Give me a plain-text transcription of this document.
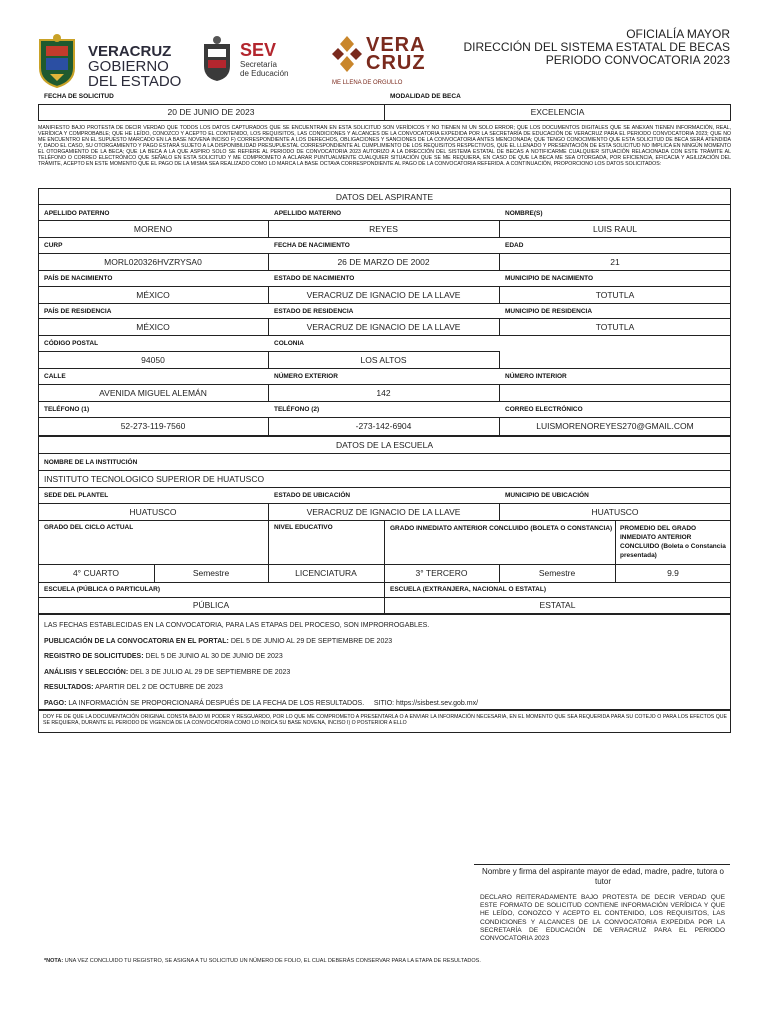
VERACRUZ
GOBIERNO
DEL ESTADO
SEV
Secretaría
de Educación
VERA
CRUZ
ME LLENA DE ORGULLO
OFICIALÍA MAYOR
DIRECCIÓN DEL SISTEMA ESTATAL DE BECAS
PERIODO CONVOCATORIA 2023
FECHA DE SOLICITUD	MODALIDAD DE BECA
20 DE JUNIO DE 2023	EXCELENCIA
MANIFIESTO BAJO PROTESTA DE DECIR VERDAD QUE TODOS LOS DATOS CAPTURADOS QUE SE ENCUENTRAN EN ESTA SOLICITUD SON VERÍDICOS Y NO TIENEN NI UN SOLO ERROR; QUE LOS DOCUMENTOS DIGITALES QUE SE ANEXAN TIENEN INFORMACIÓN, REAL, VERÍDICA Y COMPROBABLE; QUE HE LEÍDO, CONOZCO Y ACEPTO EL CONTENIDO, LOS REQUISITOS, LAS CONDICIONES Y ALCANCES DE LA CONVOCATORIA EXPEDIDA POR LA SECRETARÍA DE EDUCACIÓN DE VERACRUZ PARA EL PERIODO CONVOCATORIA 2023; QUE NO ME ENCUENTRO EN EL SUPUESTO MARCADO EN LA BASE NOVENA INCISO F) CORRESPONDIENTE A LOS DERECHOS, OBLIGACIONES Y SANCIONES DE LA CONVOCATORIA ANTES MENCIONADA; QUE TENGO CONOCIMIENTO QUE ESTA SOLICITUD DE BECA SERÁ ATENDIDA Y, DADO EL CASO, SU OTORGAMIENTO Y PAGO ESTARÁ SUJETO A LA DISPONIBILIDAD PRESUPUESTAL CORRESPONDIENTE AL CUMPLIMIENTO DE LOS REQUISITOS RESPECTIVOS, QUE EL LLENADO Y PRESENTACIÓN DE ESTA SOLICITUD NO IMPLICA EN NINGÚN MOMENTO EL OTORGAMIENTO DE LA BECA; QUE LA BECA A LA QUE ASPIRO SOLO SE REFIERE AL PERIODO DE CONVOCATORIA 2023 AUTORIZO A LA DIRECCIÓN DEL SISTEMA ESTATAL DE BECAS A NOTIFICARME CUALQUIER SITUACIÓN RELACIONADA CON ESTE TRÁMITE AL TELÉFONO O CORREO ELECTRÓNICO QUE SEÑALO EN ESTA SOLICITUD Y ME COMPROMETO A ACLARAR PUNTUALMENTE CUALQUIER SITUACIÓN QUE SE ME REQUIERA, EN CASO DE QUE LA BECA ME SEA OTORGADA, POR EFICIENCIA, EFICACIA Y AGILIZACIÓN DEL TRÁMITE, ACEPTO EN ESTE MOMENTO QUE EL PAGO DE LA MISMA SEA REALIZADO COMO LO MARCA LA BASE OCTAVA CORRESPONDIENTE AL PAGO DE LA CONVOCATORIA REFERIDA. A CONTINUACIÓN, PROPORCIONO LOS DATOS SOLICITADOS:
DATOS DEL ASPIRANTE
APELLIDO PATERNO	APELLIDO MATERNO	NOMBRE(S)
MORENO	REYES	LUIS RAUL
CURP	FECHA DE NACIMIENTO	EDAD
MORL020326HVZRYSA0	26 DE MARZO DE 2002	21
PAÍS DE NACIMIENTO	ESTADO DE NACIMIENTO	MUNICIPIO DE NACIMIENTO
MÉXICO	VERACRUZ DE IGNACIO DE LA LLAVE	TOTUTLA
PAÍS DE RESIDENCIA	ESTADO DE RESIDENCIA	MUNICIPIO DE RESIDENCIA
MÉXICO	VERACRUZ DE IGNACIO DE LA LLAVE	TOTUTLA
CÓDIGO POSTAL	COLONIA
94050	LOS ALTOS
CALLE	NÚMERO EXTERIOR	NÚMERO INTERIOR
AVENIDA MIGUEL ALEMÁN	142
TELÉFONO (1)	TELÉFONO (2)	CORREO ELECTRÓNICO
52-273-119-7560	-273-142-6904	LUISMORENOREYES270@GMAIL.COM
DATOS DE LA ESCUELA
NOMBRE DE LA INSTITUCIÓN
INSTITUTO TECNOLOGICO SUPERIOR DE HUATUSCO
SEDE DEL PLANTEL	ESTADO DE UBICACIÓN	MUNICIPIO DE UBICACIÓN
HUATUSCO	VERACRUZ DE IGNACIO DE LA LLAVE	HUATUSCO
GRADO DEL CICLO ACTUAL	NIVEL EDUCATIVO	GRADO INMEDIATO ANTERIOR CONCLUIDO (BOLETA O CONSTANCIA)	PROMEDIO DEL GRADO INMEDIATO ANTERIOR CONCLUIDO (Boleta o Constancia presentada)
4° CUARTO	Semestre	LICENCIATURA	3° TERCERO	Semestre	9.9
ESCUELA (PÚBLICA O PARTICULAR)	ESCUELA (EXTRANJERA, NACIONAL O ESTATAL)
PÚBLICA	ESTATAL
LAS FECHAS ESTABLECIDAS EN LA CONVOCATORIA, PARA LAS ETAPAS DEL PROCESO, SON IMPRORROGABLES.
PUBLICACIÓN DE LA CONVOCATORIA EN EL PORTAL: DEL 5 DE JUNIO AL 29 DE SEPTIEMBRE DE 2023
REGISTRO DE SOLICITUDES: DEL 5 DE JUNIO AL 30 DE JUNIO DE 2023
ANÁLISIS Y SELECCIÓN: DEL 3 DE JULIO AL 29 DE SEPTIEMBRE DE 2023
RESULTADOS: APARTIR DEL 2 DE OCTUBRE DE 2023
PAGO: LA INFORMACIÓN SE PROPORCIONARÁ DESPUÉS DE LA FECHA DE LOS RESULTADOS. SITIO: https://sisbest.sev.gob.mx/
DOY FE DE QUE LA DOCUMENTACIÓN ORIGINAL CONSTA BAJO MI PODER Y RESGUARDO, POR LO QUE ME COMPROMETO A PRESENTARLA O A ENVIAR LA INFORMACIÓN NECESARIA, EN EL MOMENTO QUE SEA REQUERIDA PARA SU COTEJO O PARA LOS EFECTOS QUE SE REQUIERA, DURANTE EL PERIODO DE VIGENCIA DE LA CONVOCATORIA COMO LO INDICA SU BASE NOVENA, INCISO I) O POSTERIOR A ELLO
Nombre y firma del aspirante mayor de edad, madre, padre, tutora o tutor
DECLARO REITERADAMENTE BAJO PROTESTA DE DECIR VERDAD QUE ESTE FORMATO DE SOLICITUD CONTIENE INFORMACIÓN VERÍDICA Y QUE HE LEÍDO, CONOZCO Y ACEPTO EL CONTENIDO, LOS REQUISITOS, LAS CONDICIONES Y ALCANCES DE LA CONVOCATORIA EXPEDIDA POR LA SECRETARÍA DE EDUCACIÓN DE VERACRUZ PARA EL PERIODO CONVOCATORIA 2023
*NOTA: UNA VEZ CONCLUIDO TU REGISTRO, SE ASIGNA A TU SOLICITUD UN NÚMERO DE FOLIO, EL CUAL DEBERÁS CONSERVAR PARA LA ETAPA DE RESULTADOS.
